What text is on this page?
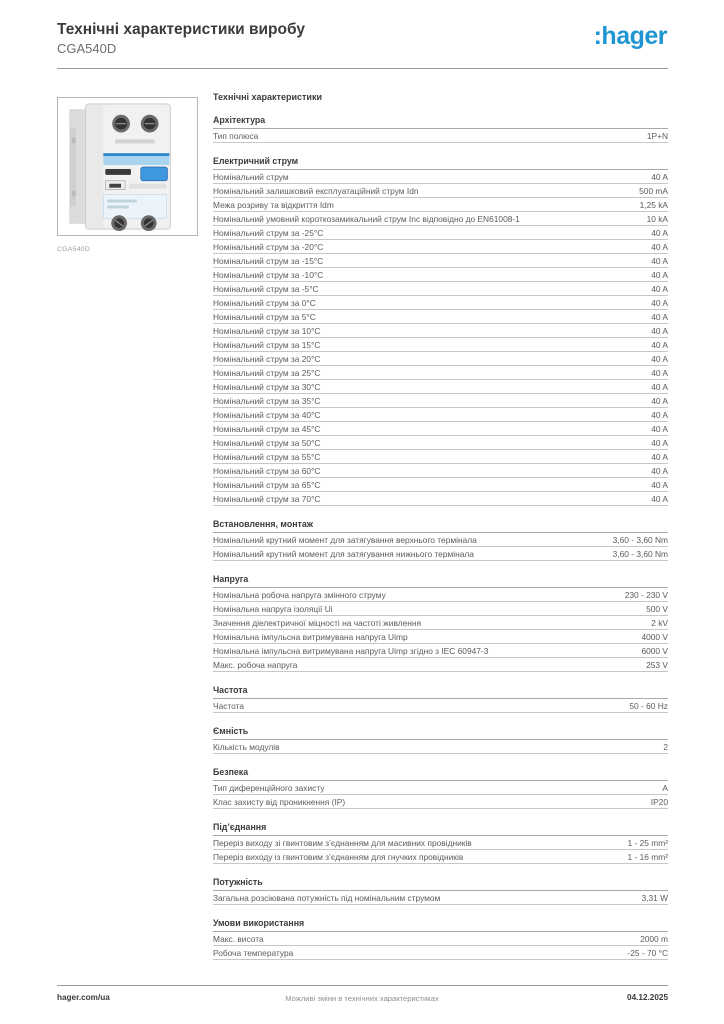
Технічні характеристики виробу
CGA540D	:hager
CGA540D
Технічні характеристики
Архітектура
Тип полюса	1P+N
Електричний струм
Номінальний струм	40 A
Номінальний залишковий експлуатаційний струм Idn	500 mA
Межа розриву та відкриття Idm	1,25 kA
Номінальний умовний короткозамикальний струм Inc відповідно до EN61008-1	10 kA
Номінальний струм за -25°C	40 A
Номінальний струм за -20°C	40 A
Номінальний струм за -15°C	40 A
Номінальний струм за -10°C	40 A
Номінальний струм за -5°C	40 A
Номінальний струм за 0°C	40 A
Номінальний струм за 5°C	40 A
Номінальний струм за 10°C	40 A
Номінальний струм за 15°C	40 A
Номінальний струм за 20°C	40 A
Номінальний струм за 25°C	40 A
Номінальний струм за 30°C	40 A
Номінальний струм за 35°C	40 A
Номінальний струм за 40°C	40 A
Номінальний струм за 45°C	40 A
Номінальний струм за 50°C	40 A
Номінальний струм за 55°C	40 A
Номінальний струм за 60°C	40 A
Номінальний струм за 65°C	40 A
Номінальний струм за 70°C	40 A
Встановлення, монтаж
Номінальний крутний момент для затягування верхнього термінала	3,60 - 3,60 Nm
Номінальний крутний момент для затягування нижнього термінала	3,60 - 3,60 Nm
Напруга
Номінальна робоча напруга змінного струму	230 - 230 V
Номінальна напруга ізоляції Ui	500 V
Значення діелектричної міцності на частоті живлення	2 kV
Номінальна імпульсна витримувана напруга Uimp	4000 V
Номінальна імпульсна витримувана напруга Uimp згідно з IEC 60947-3	6000 V
Макс. робоча напруга	253 V
Частота
Частота	50 - 60 Hz
Ємність
Кількість модулів	2
Безпека
Тип диференційного захисту	A
Клас захисту від проникнення (IP)	IP20
Під’єднання
Переріз виходу зі гвинтовим з’єднанням для масивних провідників	1 - 25 mm²
Переріз виходу із гвинтовим з’єднанням для гнучких провідників	1 - 16 mm²
Потужність
Загальна розсіювана потужність під номінальним струмом	3,31 W
Умови використання
Макс. висота	2000 m
Робоча температура	-25 - 70 °C
hager.com/ua	Можливі зміни в технічних характеристиках	04.12.2025
